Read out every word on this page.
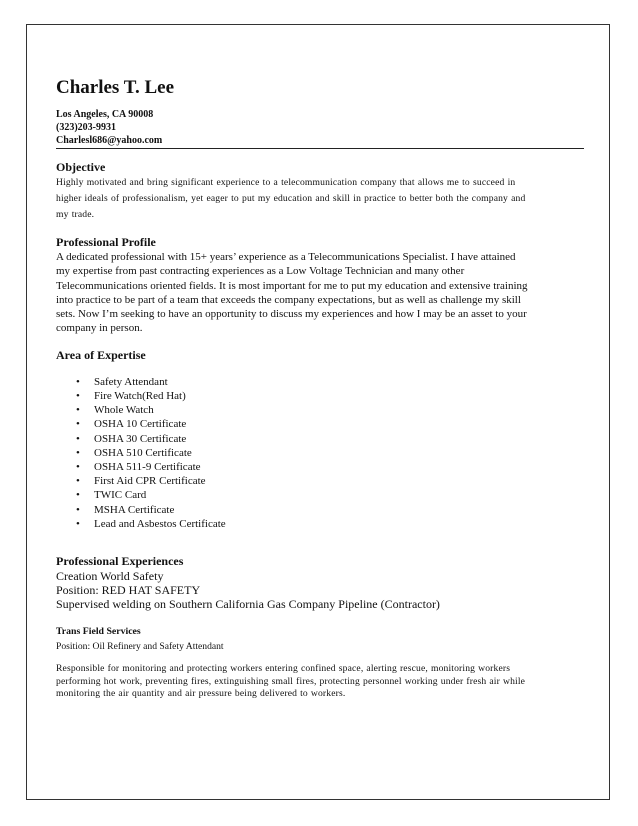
Charles T. Lee
Los Angeles, CA 90008
(323)203-9931
Charlesl686@yahoo.com
Objective
Highly motivated and bring significant experience to a telecommunication company that allows me to succeed in
higher ideals of professionalism, yet eager to put my education and skill in practice to better both the company and
my trade.
Professional Profile
A dedicated professional with 15+ years’ experience as a Telecommunications Specialist. I have attained
my expertise from past contracting experiences as a Low Voltage Technician and many other
Telecommunications oriented fields. It is most important for me to put my education and extensive training
into practice to be part of a team that exceeds the company expectations, but as well as challenge my skill
sets. Now I’m seeking to have an opportunity to discuss my experiences and how I may be an asset to your
company in person.
Area of Expertise
• Safety Attendant
• Fire Watch(Red Hat)
• Whole Watch
• OSHA 10 Certificate
• OSHA 30 Certificate
• OSHA 510 Certificate
• OSHA 511-9 Certificate
• First Aid CPR Certificate
• TWIC Card
• MSHA Certificate
• Lead and Asbestos Certificate
Professional Experiences
Creation World Safety
Position: RED HAT SAFETY
Supervised welding on Southern California Gas Company Pipeline (Contractor)
Trans Field Services
Position: Oil Refinery and Safety Attendant
Responsible for monitoring and protecting workers entering confined space, alerting rescue, monitoring workers
performing hot work, preventing fires, extinguishing small fires, protecting personnel working under fresh air while
monitoring the air quantity and air pressure being delivered to workers.
